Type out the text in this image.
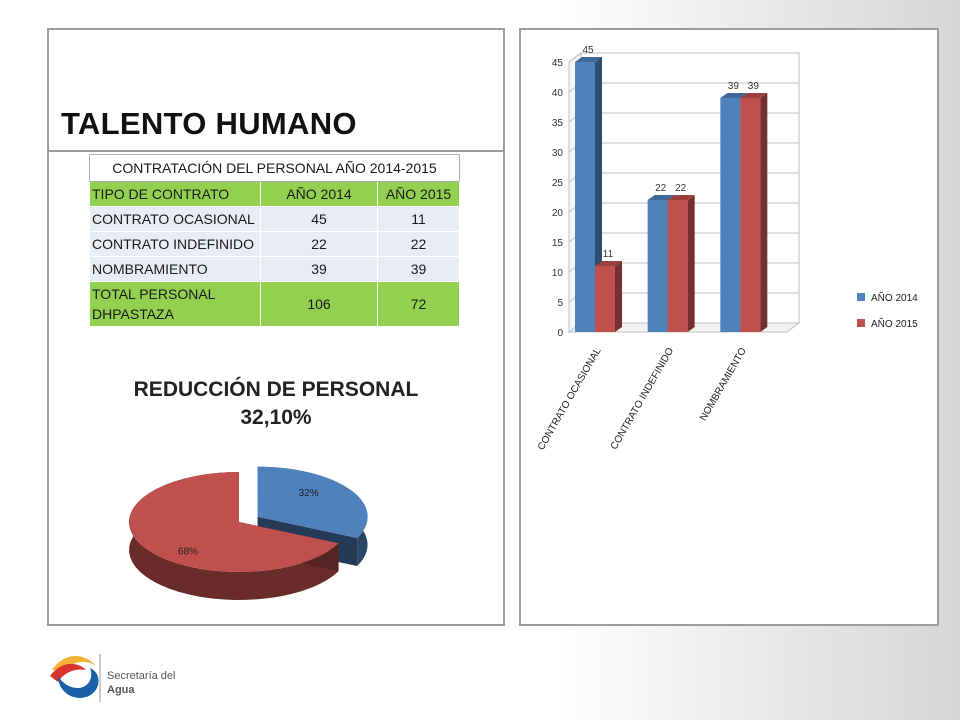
TALENTO HUMANO
CONTRATACIÓN DEL PERSONAL AÑO 2014-2015		
TIPO DE CONTRATO	AÑO 2014	AÑO 2015
CONTRATO OCASIONAL	45	11
CONTRATO INDEFINIDO	22	22
NOMBRAMIENTO	39	39
TOTAL PERSONAL DHPASTAZA	106	72
REDUCCIÓN DE PERSONAL
32,10%
32%
68%
0
5
10
15
20
25
30
35
40
45
45
11
CONTRATO OCASIONAL
22 22
CONTRATO INDEFINIDO
39 39
NOMBRAMIENTO
AÑO 2014
AÑO 2015
Secretaría del
Agua
